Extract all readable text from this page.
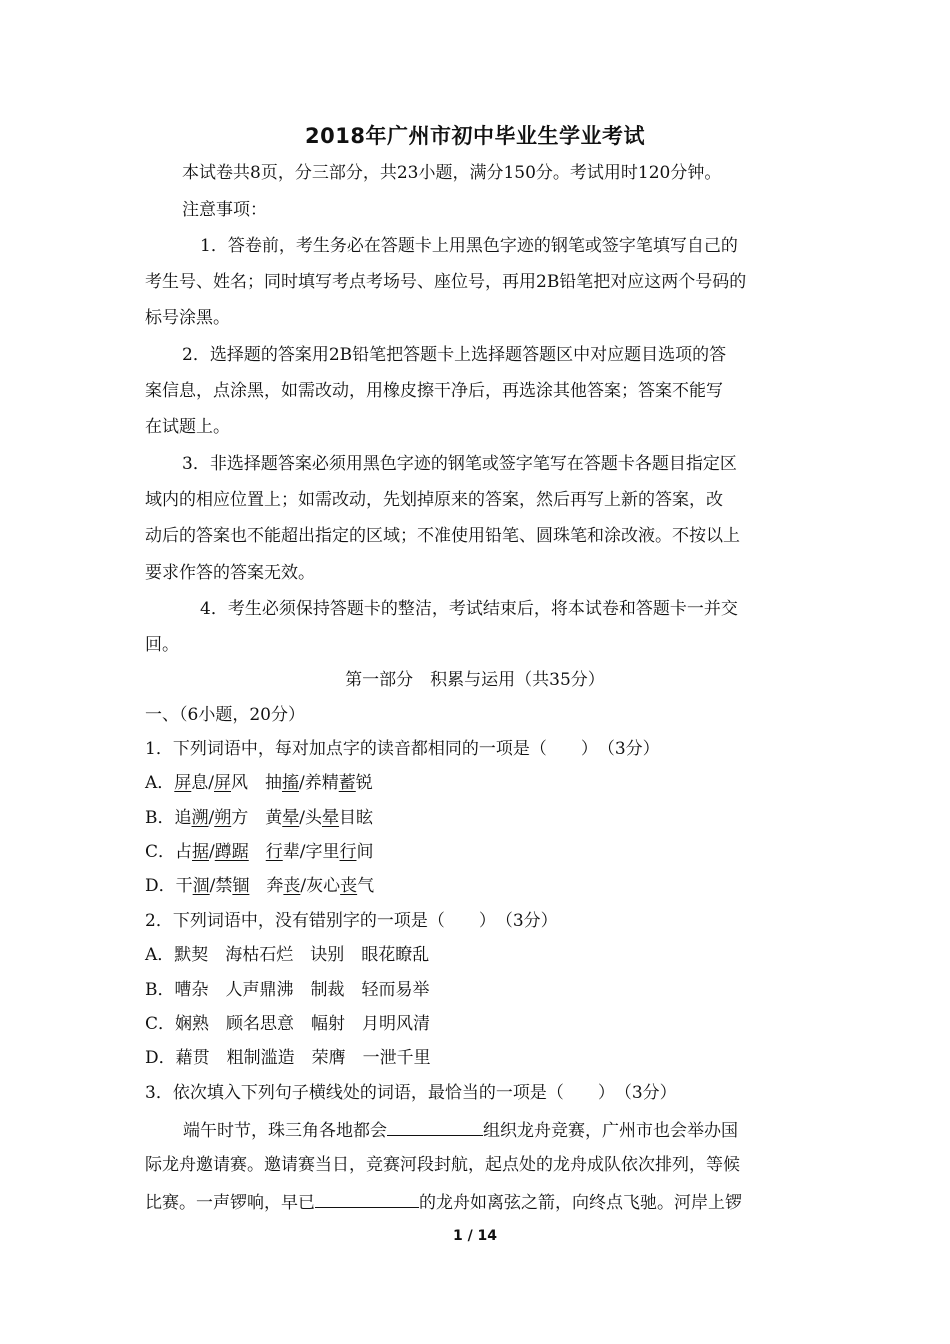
2018年广州市初中毕业生学业考试
本试卷共8页，分三部分，共23小题，满分150分。考试用时120分钟。
注意事项：
1．答卷前，考生务必在答题卡上用黑色字迹的钢笔或签字笔填写自己的
考生号、姓名；同时填写考点考场号、座位号，再用2B铅笔把对应这两个号码的
标号涂黑。
2．选择题的答案用2B铅笔把答题卡上选择题答题区中对应题目选项的答
案信息，点涂黑，如需改动，用橡皮擦干净后，再选涂其他答案；答案不能写
在试题上。
3．非选择题答案必须用黑色字迹的钢笔或签字笔写在答题卡各题目指定区
域内的相应位置上；如需改动，先划掉原来的答案，然后再写上新的答案，改
动后的答案也不能超出指定的区域；不准使用铅笔、圆珠笔和涂改液。不按以上
要求作答的答案无效。
4．考生必须保持答题卡的整洁，考试结束后，将本试卷和答题卡一并交
回。
第一部分　积累与运用（共35分）
一、（6小题，20分）
1．下列词语中，每对加点字的读音都相同的一项是（　　）　（3分）
A．屏息/屏风　抽搐/养精蓄锐
B．追溯/朔方　黄晕/头晕目眩
C．占据/蹲踞　 行辈/字里行间
D．干涸/禁锢　奔丧/灰心丧气
2．下列词语中，没有错别字的一项是（　　）　（3分）
A．默契　海枯石烂　诀别　眼花瞭乱
B．嘈杂　人声鼎沸　制裁　轻而易举
C．娴熟　顾名思意　幅射　月明风清
D．藉贯　粗制滥造　荣膺　一泄千里
3．依次填入下列句子横线处的词语，最恰当的一项是（　　）　（3分）
端午时节，珠三角各地都会	组织龙舟竞赛，广州市也会举办国
际龙舟邀请赛。邀请赛当日，竞赛河段封航，起点处的龙舟成队依次排列，等候
比赛。一声锣响，早已	的龙舟如离弦之箭，向终点飞驰。河岸上锣
1 / 14
